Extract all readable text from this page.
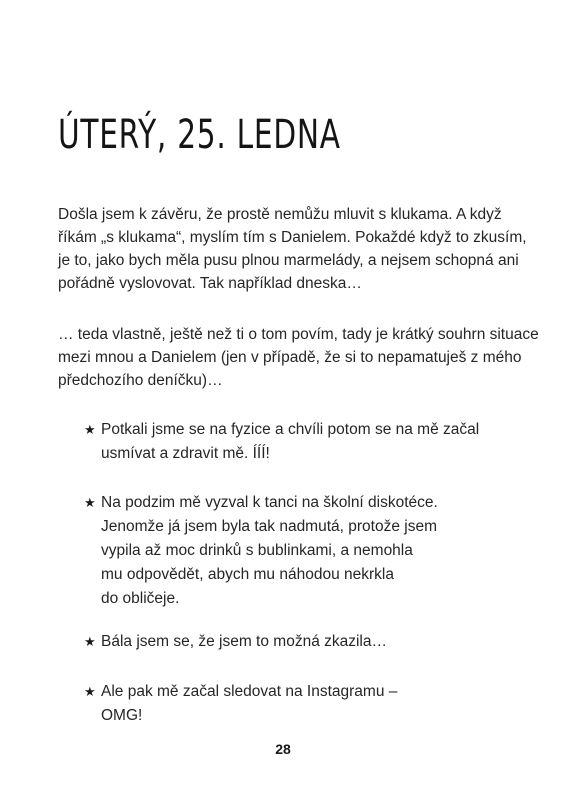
ÚTERÝ, 25. LEDNA

Došla jsem k závěru, že prostě nemůžu mluvit s klukama. A když
říkám „s klukama“, myslím tím s Danielem. Pokaždé když to zkusím,
je to, jako bych měla pusu plnou marmelády, a nejsem schopná ani
pořádně vyslovovat. Tak například dneska…

… teda vlastně, ještě než ti o tom povím, tady je krátký souhrn situace
mezi mnou a Danielem (jen v případě, že si to nepamatuješ z mého
předchozího deníčku)…

★ Potkali jsme se na fyzice a chvíli potom se na mě začal
usmívat a zdravit mě. ÍÍÍ!
★ Na podzim mě vyzval k tanci na školní diskotéce.
Jenomže já jsem byla tak nadmutá, protože jsem
vypila až moc drinků s bublinkami, a nemohla
mu odpovědět, abych mu náhodou nekrkla
do obličeje.
★ Bála jsem se, že jsem to možná zkazila…
★ Ale pak mě začal sledovat na Instagramu –
OMG!
28
